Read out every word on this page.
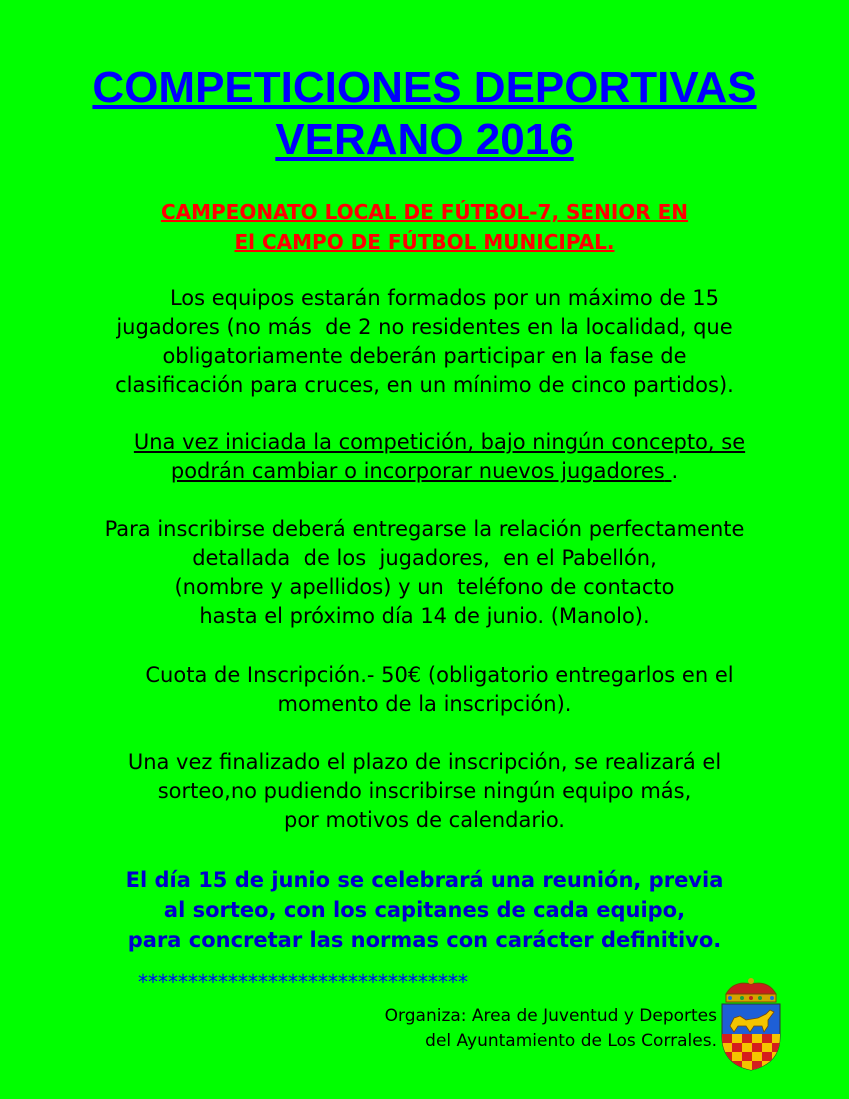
COMPETICIONES DEPORTIVAS
VERANO 2016

CAMPEONATO LOCAL DE FÚTBOL-7, SENIOR EN

El CAMPO DE FÚTBOL MUNICIPAL.

Los equipos estarán formados por un máximo de 15

jugadores (no más  de 2 no residentes en la localidad, que

obligatoriamente deberán participar en la fase de

clasificación para cruces, en un mínimo de cinco partidos).

Una vez iniciada la competición, bajo ningún concepto, se

podrán cambiar o incorporar nuevos jugadores .

Para inscribirse deberá entregarse la relación perfectamente

detallada  de los  jugadores,  en el Pabellón,

(nombre y apellidos) y un  teléfono de contacto

hasta el próximo día 14 de junio. (Manolo).

Cuota de Inscripción.- 50€ (obligatorio entregarlos en el

momento de la inscripción).

Una vez finalizado el plazo de inscripción, se realizará el

sorteo,no pudiendo inscribirse ningún equipo más,

por motivos de calendario.

El día 15 de junio se celebrará una reunión, previa

al sorteo, con los capitanes de cada equipo,

para concretar las normas con carácter definitivo.

*********************************

Organiza: Area de Juventud y Deportes
del Ayuntamiento de Los Corrales.
